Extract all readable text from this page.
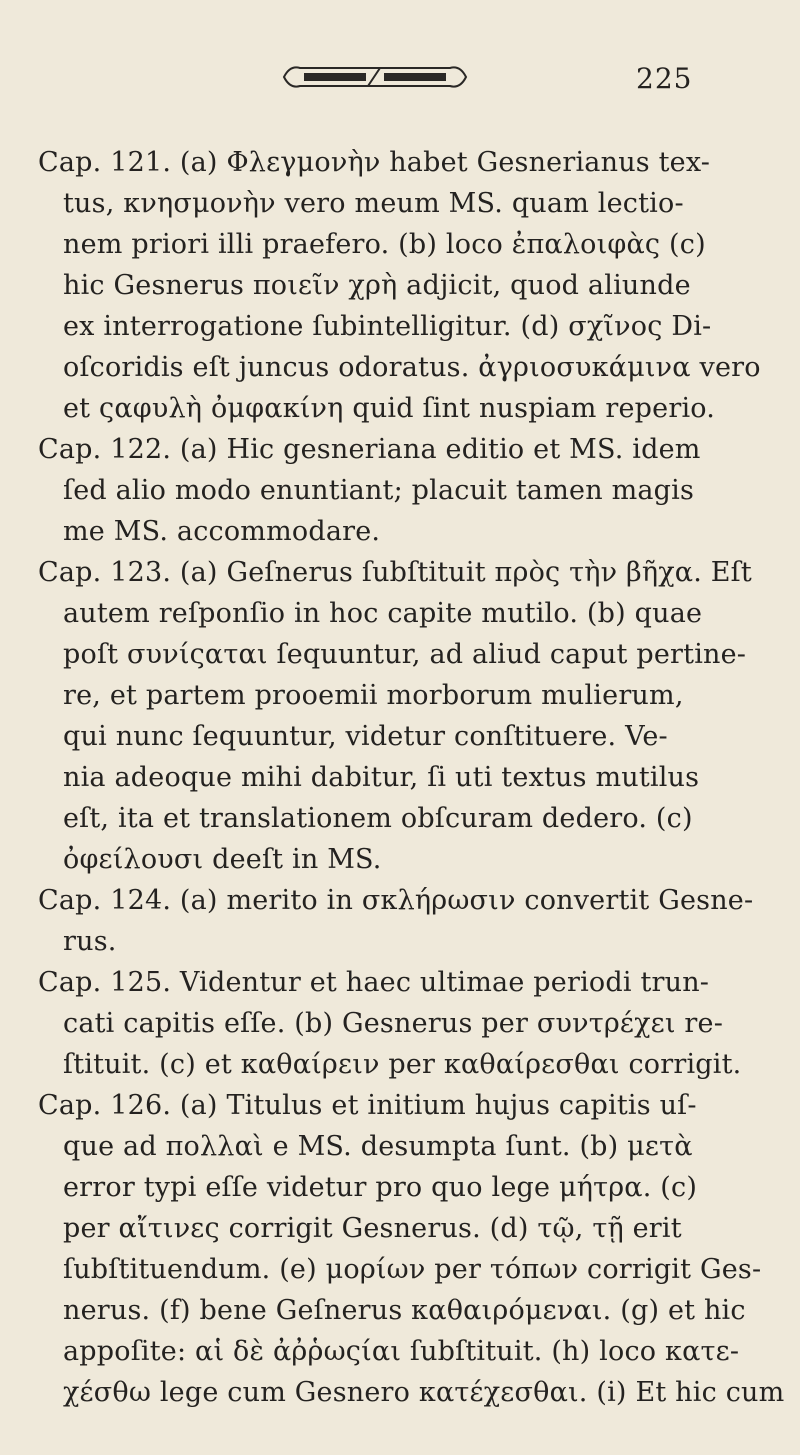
225
Cap. 121. (a) Φλεγμονὴν habet Gesnerianus tex-
tus, κνησμονὴν vero meum MS. quam lectio-
nem priori illi praefero. (b) loco ἐπαλοιφὰς (c)
hic Gesnerus ποιεῖν χρὴ adjicit, quod aliunde
ex interrogatione ſubintelligitur. (d) σχῖνος Di-
oſcoridis eſt juncus odoratus. ἀγριοσυκάμινα vero
et ςαφυλὴ ὀμφακίνη quid ſint nuspiam reperio.
Cap. 122. (a) Hic gesneriana editio et MS. idem
ſed alio modo enuntiant; placuit tamen magis
me MS. accommodare.
Cap. 123. (a) Geſnerus ſubſtituit πρὸς τὴν βῆχα. Eſt
autem reſponſio in hoc capite mutilo. (b) quae
poſt συνίςαται ſequuntur, ad aliud caput pertine-
re, et partem prooemii morborum mulierum,
qui nunc ſequuntur, videtur conſtituere. Ve-
nia adeoque mihi dabitur, ſi uti textus mutilus
eſt, ita et translationem obſcuram dedero. (c)
ὀφείλουσι deeſt in MS.
Cap. 124. (a) merito in σκλήρωσιν convertit Gesne-
rus.
Cap. 125. Videntur et haec ultimae periodi trun-
cati capitis eſſe. (b) Gesnerus per συντρέχει re-
ſtituit. (c) et καθαίρειν per καθαίρεσθαι corrigit.
Cap. 126. (a) Titulus et initium hujus capitis uſ-
que ad πολλαὶ e MS. desumpta ſunt. (b) μετὰ
error typi eſſe videtur pro quo lege μήτρα. (c)
per αἴτινες corrigit Gesnerus. (d) τῷ, τῇ erit
ſubſtituendum. (e) μορίων per τόπων corrigit Ges-
nerus. (f) bene Geſnerus καθαιρόμεναι. (g) et hic
appoſite: αἱ δὲ ἀῤῥωςίαι ſubſtituit. (h) loco κατε-
χέσθω lege cum Gesnero κατέχεσθαι. (i) Et hic cum
